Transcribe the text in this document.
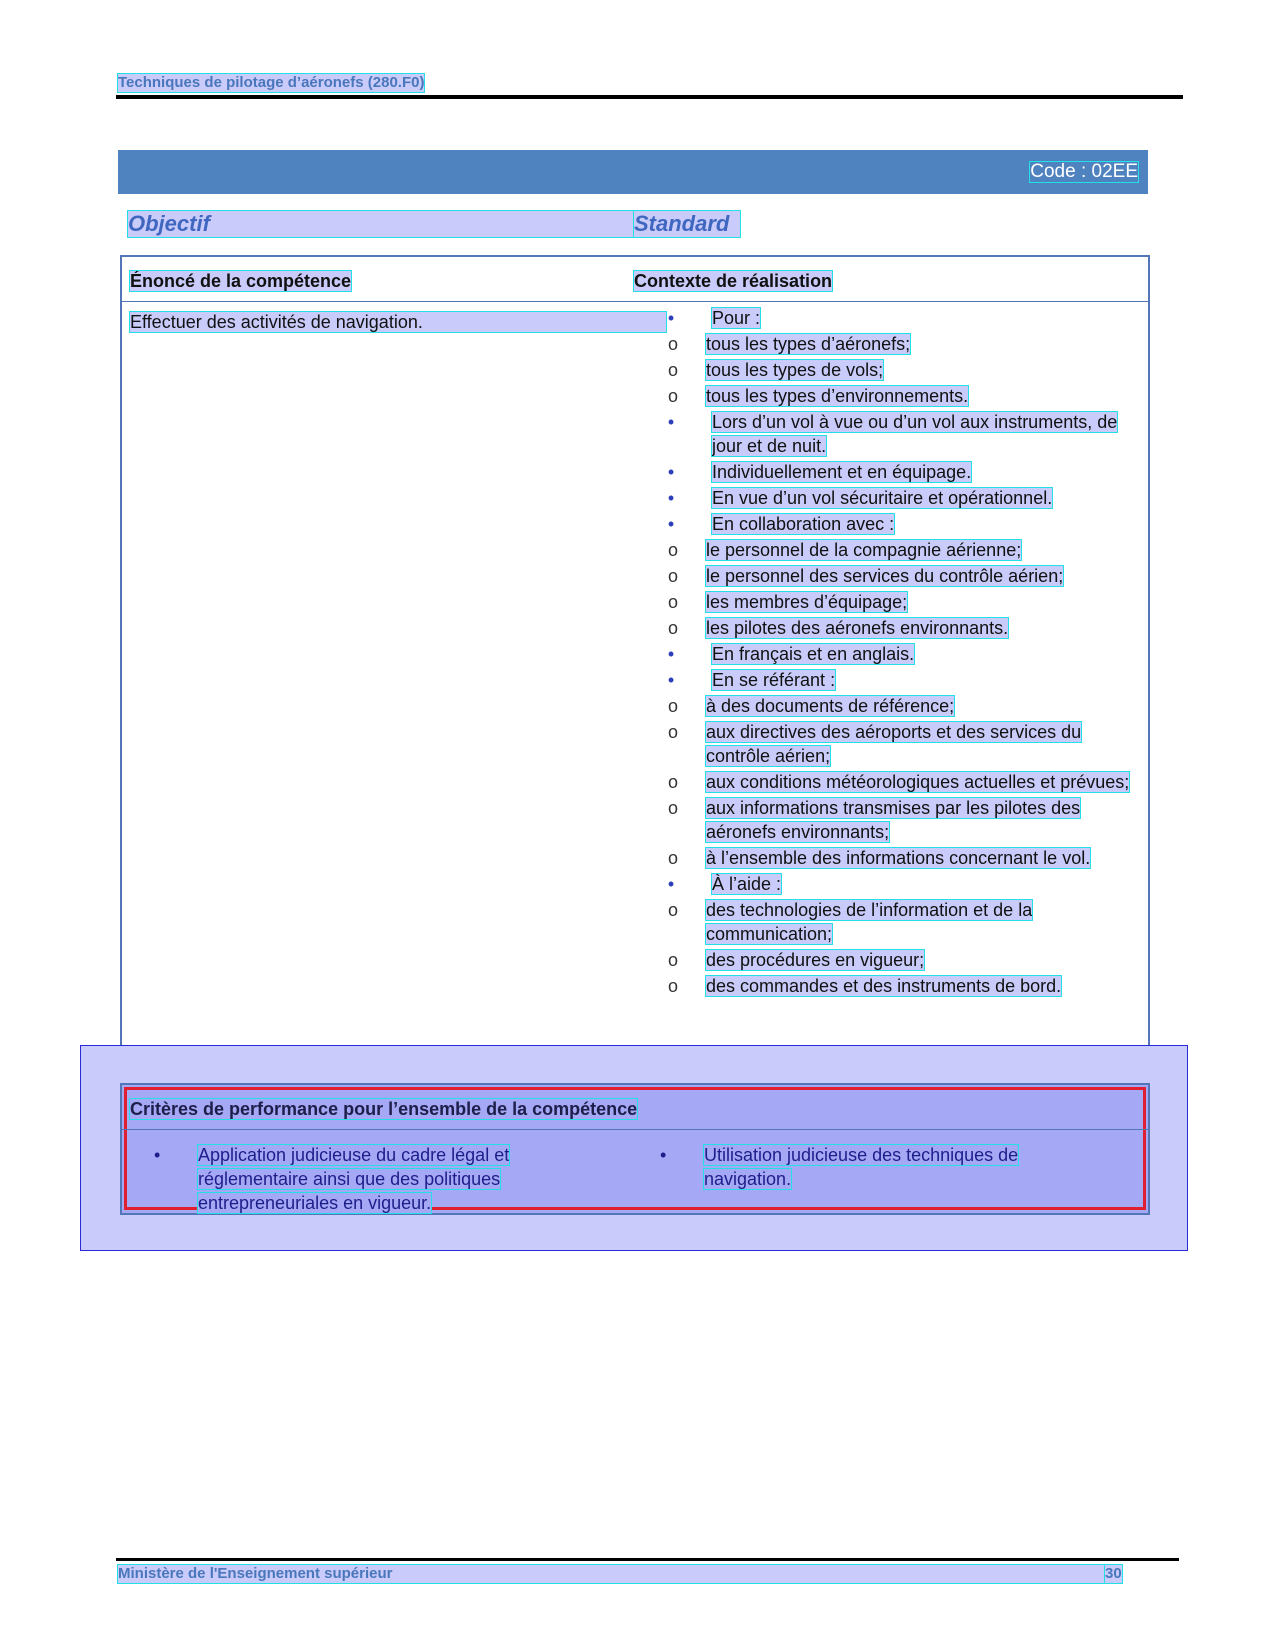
Techniques de pilotage d’aéronefs (280.F0)
Code : 02EE
Objectif	Standard
Énoncé de la compétence	Contexte de réalisation
Effectuer des activités de navigation.	• Pour :
o tous les types d’aéronefs;
o tous les types de vols;
o tous les types d’environnements.
• Lors d’un vol à vue ou d’un vol aux instruments, de jour et de nuit.
• Individuellement et en équipage.
• En vue d’un vol sécuritaire et opérationnel.
• En collaboration avec :
o le personnel de la compagnie aérienne;
o le personnel des services du contrôle aérien;
o les membres d’équipage;
o les pilotes des aéronefs environnants.
• En français et en anglais.
• En se référant :
o à des documents de référence;
o aux directives des aéroports et des services du contrôle aérien;
o aux conditions météorologiques actuelles et prévues;
o aux informations transmises par les pilotes des aéronefs environnants;
o à l’ensemble des informations concernant le vol.
• À l’aide :
o des technologies de l’information et de la communication;
o des procédures en vigueur;
o des commandes et des instruments de bord.
Critères de performance pour l’ensemble de la compétence
• Application judicieuse du cadre légal et réglementaire ainsi que des politiques entrepreneuriales en vigueur.
• Utilisation judicieuse des techniques de navigation.
Ministère de l'Enseignement supérieur	30
